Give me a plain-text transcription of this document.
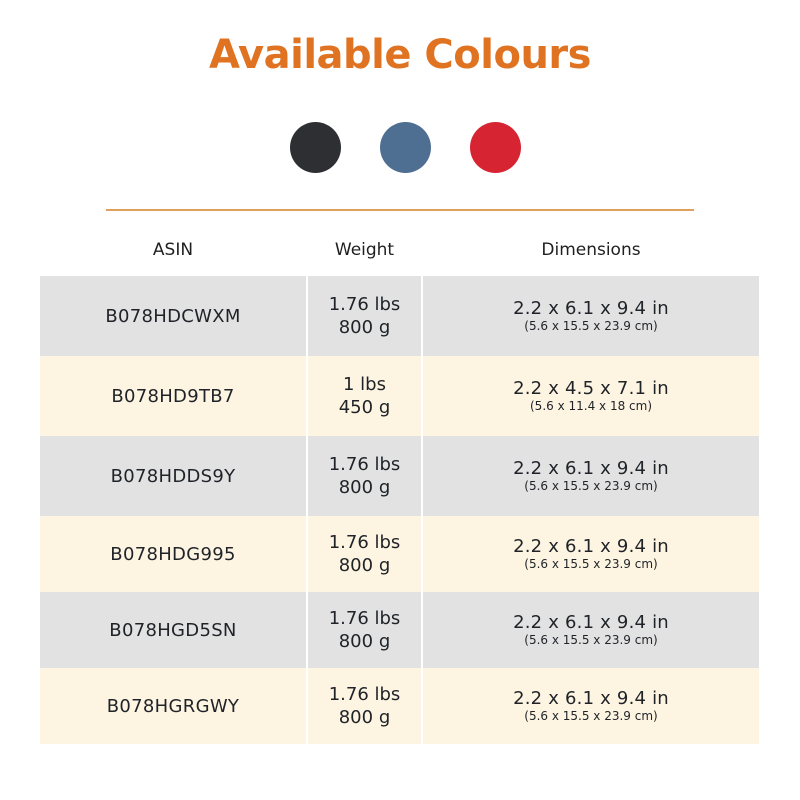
Available Colours
ASIN	Weight	Dimensions
B078HDCWXM
1.76 lbs
800 g
2.2 x 6.1 x 9.4 in
(5.6 x 15.5 x 23.9 cm)
B078HD9TB7
1 lbs
450 g
2.2 x 4.5 x 7.1 in
(5.6 x 11.4 x 18 cm)
B078HDDS9Y
1.76 lbs
800 g
2.2 x 6.1 x 9.4 in
(5.6 x 15.5 x 23.9 cm)
B078HDG995
1.76 lbs
800 g
2.2 x 6.1 x 9.4 in
(5.6 x 15.5 x 23.9 cm)
B078HGD5SN
1.76 lbs
800 g
2.2 x 6.1 x 9.4 in
(5.6 x 15.5 x 23.9 cm)
B078HGRGWY
1.76 lbs
800 g
2.2 x 6.1 x 9.4 in
(5.6 x 15.5 x 23.9 cm)
